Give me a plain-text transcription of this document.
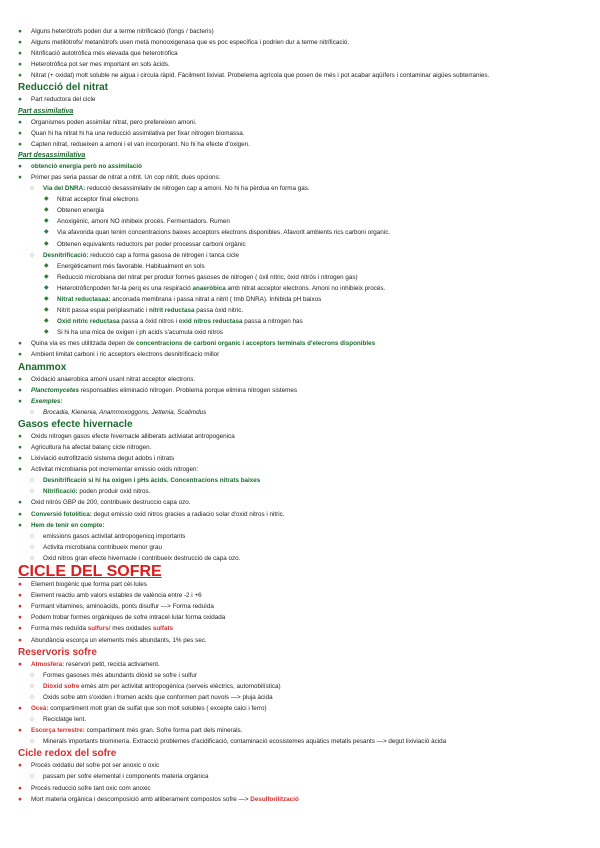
● Alguns heteròtrofs poden dur a terme nitrificació (fongs / bacteris)
● Alguns metilòtrofs/ metanòtrofs usen metà monooxigenasa que es poc específica i podrien dur a terme nitrificació.
● Nitrificació autotròfica més elevada que heterotròfica
● Heterotròfica pot ser mes important en sols àcids.
● Nitrat (+ oxidat) molt soluble ne aigua i circula ràpid. Fàcilment lixiviat. Probelema agrícola que posen de més i pot acabar aqüífers i contaminar aigües subterranies.
Reducció del nitrat
● Part reductora del cicle
Part assimilativa
● Organismes poden assimilar nitrat, pero prefereixen amoni.
● Quan hi ha nitrat hi ha una reducció assimilativa per fixar nitrogen biomassa.
● Capten nitrat, redueixen a amoni i el van incorporant. No hi ha efecte d'oxigen.
Part desassimilativa
● obtenció energia però no assimilació
● Primer pas seria passar de nitrat a nitrit. Un cop nitrit, dues opcions:
○ Via del DNRA: reducció desassimilativ de nitrogen cap a amoni. No hi ha pèrdua en forma gas.
◆ Nitrat acceptor final electrons
◆ Obtenen energia
◆ Anoxigènic, amoni NO inhibeix procés. Fermentadors. Rumen
◆ Via afavorida quan tenim concentracions baixes acceptors electrons disponibles. Afavorit ambients rics carboni organic.
◆ Obtenen equivalents reductors per poder processar carboni orgànic
○ Desnitrificació: reducció cap a forma gasosa de nitrogen i tanca cicle
◆ Energèticament més favorable. Habitualment en sols
◆ Reducció microbiana del nitrat per produir formes gasoses de nitrogen ( òxil nítric, òxid nitrós i nitrogen gas)
◆ Heterotròficnpoden fer-la perq es una respiració anaeròbica amb nitrat acceptor electrons. Amoni no inhibieix procés.
◆ Nitrat reductasaa: anconada membrana i passa nitrat a nitrit ( tmb DNRA). Inhibida pH baixos
◆ Nitrit passa espai periplasmatic i nitrit reductasa passa òxid nitric.
◆ Oxid nítric reductasa passa a òxid nitros i oxid nitros reductasa passa a nitrogen has
◆ Si hi ha una mica de oxigen i ph acids s'acumula oxid nitros
● Quina via es mes utilitzada depen de concentracions de carboni organic i acceptors terminals d'elecrons disponibles
● Ambient limitat carboni i ric acceptors electrons desnitrificacio millor
Anammox
● Oxidació anaerobica amoni usant nitrat acceptor electrons.
● Planctomycetes responsables eliminació nitrogen. Problema porque elimina nitrogen sistemes
● Exemples:
○ Brocadia, Kienenia, Anammoxoggons, Jettenia, Scalimdus
Gasos efecte hivernacle
● Oxids nitrogen gasos efecte hivernacle alliberats activiatat antropogenica
● Agricultura ha afectat balanç cicle nitrogen.
● Lixiviació eutrofització sistema degut adobs i nitrats
● Activitat microbiania pot incrementar emissio oxids nitrogen:
○ Desnitrificació si hi ha oxigen i pHs àcids. Concentracions nitrats baixes
○ Nitrificació: poden produir oxid nitros.
● Oxid nitrós GBP de 200, contribueix destruccio capa ozo.
● Conversió fotolítica: degut emissio oxid nitros gracies a radiacio solar d'oxid nitros i nitric.
● Hem de tenir en compte:
○ emissions gasos activitat antropogenicq importants
○ Activita microbiana contribueix menor grau
○ Oxid nitros gran efecte hivernacle i contribueix destrucció de capa ozo.
CICLE DEL SOFRE
● Element biogènic que forma part cèl·lules
● Element reactiu amb valors estables de valència entre -2 i +6
● Formant vitamines, aminoàcids, ponts disulfur —> Forma reduïda
● Podem trobar formes orgàniques de sofre intracel·lular forma oxidada
● Forma més reduïda sulfurs/ mes oxidades sulfats
● Abundància escorça un elements més abundants, 1% pes sec.
Reservoris sofre
● Atmosfera: reservori petit, recicla activament.
○ Formes gasoses més abundants diòxid se sofre i sulfur
○ Diòxid sofre emès atm per activitat antropogènica (serveis elèctrics, automobilística)
○ Oxids sofre atm s'oxiden i fromen acids que conformen part nuvols —> pluja àcida
● Oceà: compartiment molt gran de sulfat que son molt solubles ( excepte calci i ferro)
○ Reciclatge lent.
● Escorça terrestre: compartiment més gran. Sofre forma part dels minerals.
○ Minerals importants biominería. Extracció problemes d'acidificació, contaminació ecosistemes aquàtics metalls pesants —> degut lixiviació àcida
Cicle redox del sofre
● Procés oxidatiu del sofre pot ser anoxic o oxic
○ passam per sofre elemental i components materia orgànica
● Procés reducció sofre tant oxic com anoxic
● Mort materia orgànica i descomposició amb alliberament compostos sofre —> Desulforilització
